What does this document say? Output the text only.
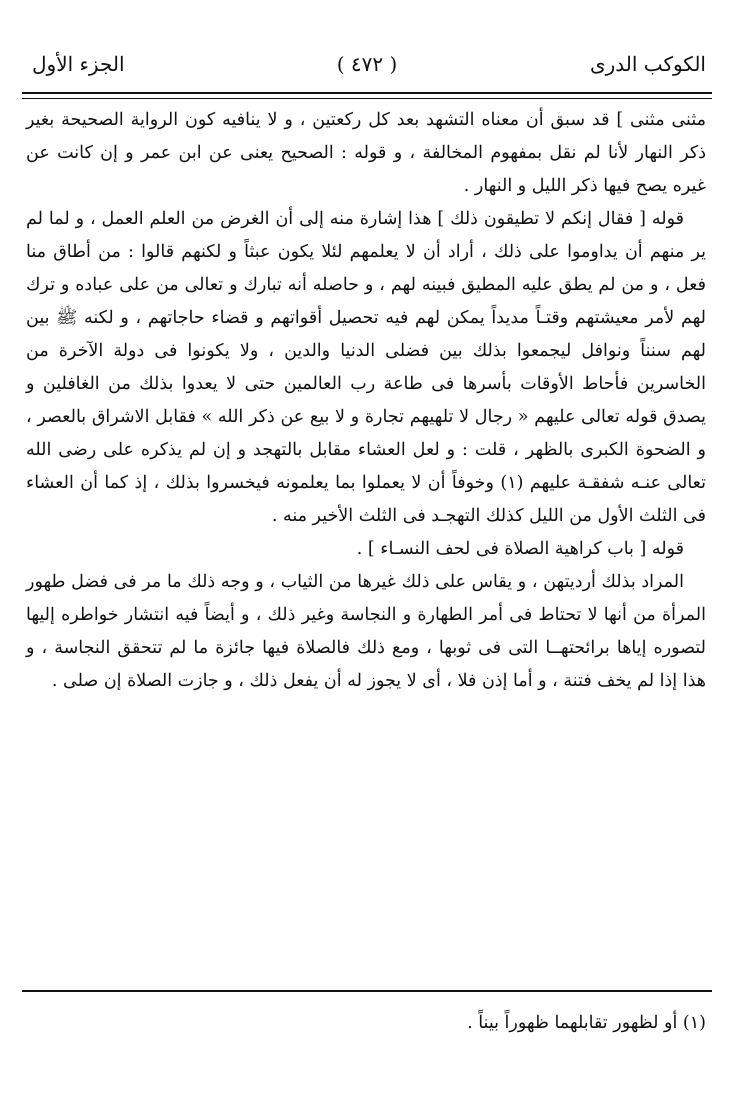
الكوكب الدرى
( ٤٧٢ )
الجزء الأول

مثنى مثنى ] قد سبق أن معناه التشهد بعد كل ركعتين ، و لا ينافيه كون الرواية الصحيحة بغير ذكر النهار لأنا لم نقل بمفهوم المخالفة ، و قوله : الصحيح يعنى عن ابن عمر و إن كانت عن غيره يصح فيها ذكر الليل و النهار .

قوله [ فقال إنكم لا تطيقون ذلك ] هذا إشارة منه إلى أن الغرض من العلم العمل ، و لما لم ير منهم أن يداوموا على ذلك ، أراد أن لا يعلمهم لئلا يكون عبثاً و لكنهم قالوا : من أطاق منا فعل ، و من لم يطق عليه المطيق فبينه لهم ، و حاصله أنه تبارك و تعالى من على عباده و ترك لهم لأمر معيشتهم وقتـاً مديداً يمكن لهم فيه تحصيل أقواتهم و قضاء حاجاتهم ، و لكنه ﷺ بين لهم سنناً ونوافل ليجمعوا بذلك بين فضلى الدنيا والدين ، ولا يكونوا فى دولة الآخرة من الخاسرين فأحاط الأوقات بأسرها فى طاعة رب العالمين حتى لا يعدوا بذلك من الغافلين و يصدق قوله تعالى عليهم « رجال لا تلهيهم تجارة و لا بيع عن ذكر الله » فقابل الاشراق بالعصر ، و الضحوة الكبرى بالظهر ، قلت : و لعل العشاء مقابل بالتهجد و إن لم يذكره على رضى الله تعالى عنـه شفقـة عليهم (١) وخوفاً أن لا يعملوا بما يعلمونه فيخسروا بذلك ، إذ كما أن العشاء فى الثلث الأول من الليل كذلك التهجـد فى الثلث الأخير منه .

قوله [ باب كراهية الصلاة فى لحف النسـاء ] .

المراد بذلك أرديتهن ، و يقاس على ذلك غيرها من الثياب ، و وجه ذلك ما مر فى فضل طهور المرأة من أنها لا تحتاط فى أمر الطهارة و النجاسة وغير ذلك ، و أيضاً فيه انتشار خواطره إليها لتصوره إياها برائحتهــا التى فى ثوبها ، ومع ذلك فالصلاة فيها جائزة ما لم تتحقق النجاسة ، و هذا إذا لم يخف فتنة ، و أما إذن فلا ، أى لا يجوز له أن يفعل ذلك ، و جازت الصلاة إن صلى .

(١) أو لظهور تقابلهما ظهوراً بيناً .
